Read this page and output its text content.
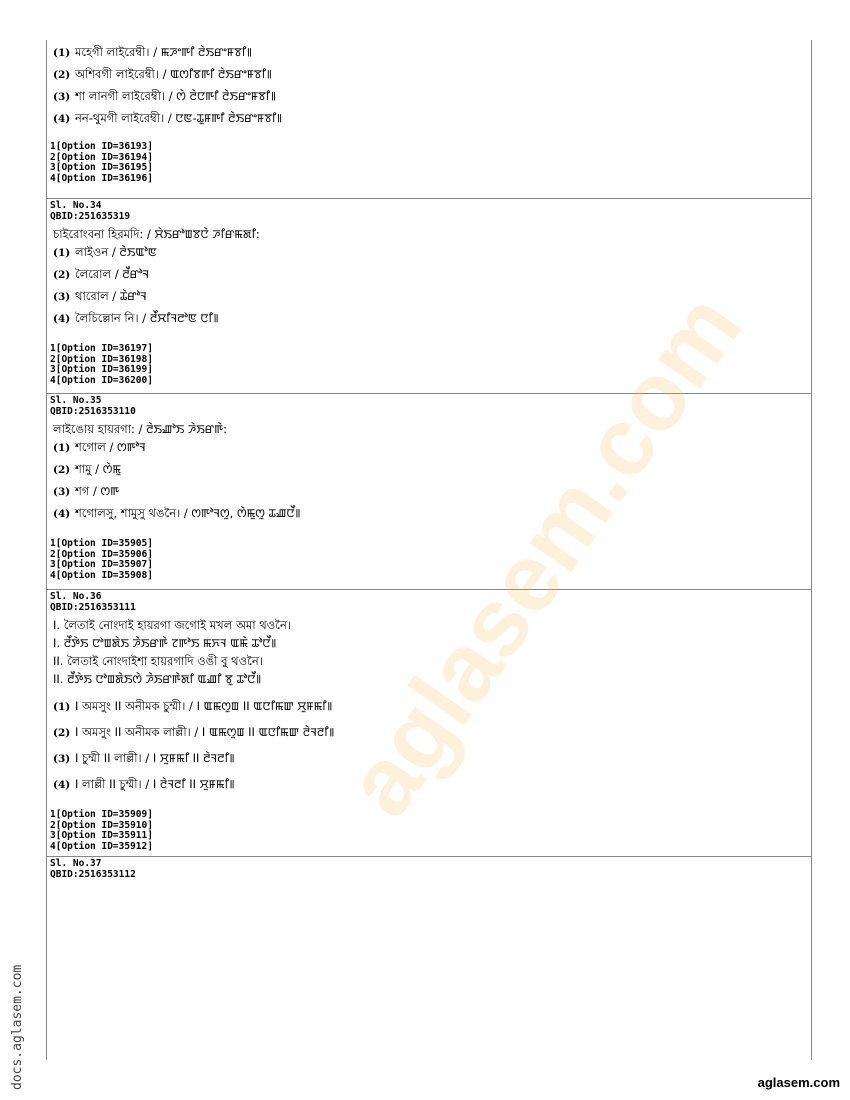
(1) মহেগী লাইরেম্বী। / ꯃꯍꯦꯒꯤ ꯂꯥꯏꯔꯦꯝꯕꯤ꯫
(2) অশিবগী লাইরেম্বী। / ꯑꯁꯤꯕꯒꯤ ꯂꯥꯏꯔꯦꯝꯕꯤ꯫
(3) শা লানগী লাইরেম্বী। / ꯁꯥ ꯂꯥꯅꯒꯤ ꯂꯥꯏꯔꯦꯝꯕꯤ꯫
(4) নন-থুমগী লাইরেম্বী। / ꯅꯟ-ꯊꯨꯝꯒꯤ ꯂꯥꯏꯔꯦꯝꯕꯤ꯫
1[Option ID=36193]
2[Option ID=36194]
3[Option ID=36195]
4[Option ID=36196]
Sl. No.34
QBID:251635319
চাইরোংবনা হিরমদি: / ꯆꯥꯏꯔꯣꯡꯕꯅꯥ ꯍꯤꯔꯃꯗꯤ:
(1) লাইওন / ꯂꯥꯏꯑꯣꯟ
(2) লৈরোল / ꯂꯩꯔꯣꯜ
(3) থারোল / ꯊꯥꯔꯣꯜ
(4) লৈচিল্লোন নি। / ꯂꯩꯆꯤꯜꯂꯣꯟ ꯅꯤ꯫
1[Option ID=36197]
2[Option ID=36198]
3[Option ID=36199]
4[Option ID=36200]
Sl. No.35
QBID:2516353110
লাইঙোয় হায়রগা: / ꯂꯥꯏꯉꯣꯏ ꯍꯥꯏꯔꯒꯥ:
(1) শগোল / ꯁꯒꯣꯜ
(2) শামু / ꯁꯥꯃꯨ
(3) শগ / ꯁꯒ
(4) শগোলসু, শামুসু থঙনৈ। / ꯁꯒꯣꯜꯁꯨ, ꯁꯥꯃꯨꯁꯨ ꯊꯉꯅꯩ꯫
1[Option ID=35905]
2[Option ID=35906]
3[Option ID=35907]
4[Option ID=35908]
Sl. No.36
QBID:2516353111
I. লৈতাই নোংদাই হায়রগা জগোই মখল অমা থওনৈ।
I. ꯂꯩꯇꯥꯏ ꯅꯣꯡꯗꯥꯏ ꯍꯥꯏꯔꯒꯥ ꯖꯒꯣꯏ ꯃꯈꯜ ꯑꯃꯥ ꯊꯣꯅꯩ꯫
II. লৈতাই নোংদাইশা হায়রগাদি ওঙী বু থওনৈ।
II. ꯂꯩꯇꯥꯏ ꯅꯣꯡꯗꯥꯏꯁꯥ ꯍꯥꯏꯔꯒꯥꯗꯤ ꯑꯉꯤ ꯕꯨ ꯊꯣꯅꯩ꯫
(1) I অমসুং II অনীমক চুম্মী। / I ꯑꯃꯁꯨꯡ II ꯑꯅꯤꯃꯛ ꯆꯨꯝꯃꯤ꯫
(2) I অমসুং II অনীমক লাল্লী। / I ꯑꯃꯁꯨꯡ II ꯑꯅꯤꯃꯛ ꯂꯥꯜꯂꯤ꯫
(3) I চুম্মী II লাল্লী। / I ꯆꯨꯝꯃꯤ II ꯂꯥꯜꯂꯤ꯫
(4) I লাল্লী II চুম্মী। / I ꯂꯥꯜꯂꯤ II ꯆꯨꯝꯃꯤ꯫
1[Option ID=35909]
2[Option ID=35910]
3[Option ID=35911]
4[Option ID=35912]
Sl. No.37
QBID:2516353112
aglasem.com
docs.aglasem.com	aglasem.com
